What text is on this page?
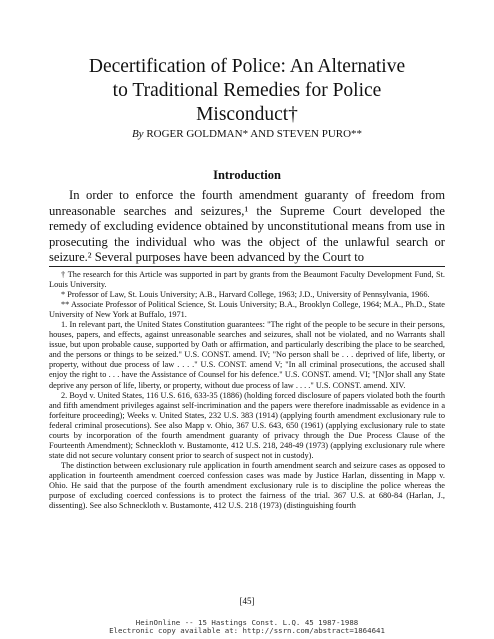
Decertification of Police: An Alternative
to Traditional Remedies for Police
Misconduct†
By ROGER GOLDMAN* AND STEVEN PURO**
Introduction

In order to enforce the fourth amendment guaranty of freedom from unreasonable searches and seizures,¹ the Supreme Court developed the remedy of excluding evidence obtained by unconstitutional means from use in prosecuting the individual who was the object of the unlawful search or seizure.² Several purposes have been advanced by the Court to

† The research for this Article was supported in part by grants from the Beaumont Faculty Development Fund, St. Louis University.

* Professor of Law, St. Louis University; A.B., Harvard College, 1963; J.D., University of Pennsylvania, 1966.

** Associate Professor of Political Science, St. Louis University; B.A., Brooklyn College, 1964; M.A., Ph.D., State University of New York at Buffalo, 1971.

1. In relevant part, the United States Constitution guarantees: "The right of the people to be secure in their persons, houses, papers, and effects, against unreasonable searches and seizures, shall not be violated, and no Warrants shall issue, but upon probable cause, supported by Oath or affirmation, and particularly describing the place to be searched, and the persons or things to be seized." U.S. CONST. amend. IV; "No person shall be . . . deprived of life, liberty, or property, without due process of law . . . ." U.S. CONST. amend V; "In all criminal prosecutions, the accused shall enjoy the right to . . . have the Assistance of Counsel for his defence." U.S. CONST. amend. VI; "[N]or shall any State deprive any person of life, liberty, or property, without due process of law . . . ." U.S. CONST. amend. XIV.

2. Boyd v. United States, 116 U.S. 616, 633-35 (1886) (holding forced disclosure of papers violated both the fourth and fifth amendment privileges against self-incrimination and the papers were therefore inadmissable as evidence in a forfeiture proceeding); Weeks v. United States, 232 U.S. 383 (1914) (applying fourth amendment exclusionary rule to federal criminal prosecutions). See also Mapp v. Ohio, 367 U.S. 643, 650 (1961) (applying exclusionary rule to state courts by incorporation of the fourth amendment guaranty of privacy through the Due Process Clause of the Fourteenth Amendment); Schneckloth v. Bustamonte, 412 U.S. 218, 248-49 (1973) (applying exclusionary rule where state did not secure voluntary consent prior to search of suspect not in custody).

The distinction between exclusionary rule application in fourth amendment search and seizure cases as opposed to application in fourteenth amendment coerced confession cases was made by Justice Harlan, dissenting in Mapp v. Ohio. He said that the purpose of the fourth amendment exclusionary rule is to discipline the police whereas the purpose of excluding coerced confessions is to protect the fairness of the trial. 367 U.S. at 680-84 (Harlan, J., dissenting). See also Schneckloth v. Bustamonte, 412 U.S. 218 (1973) (distinguishing fourth

[45]
HeinOnline -- 15 Hastings Const. L.Q. 45 1987-1988
Electronic copy available at: http://ssrn.com/abstract=1864641
